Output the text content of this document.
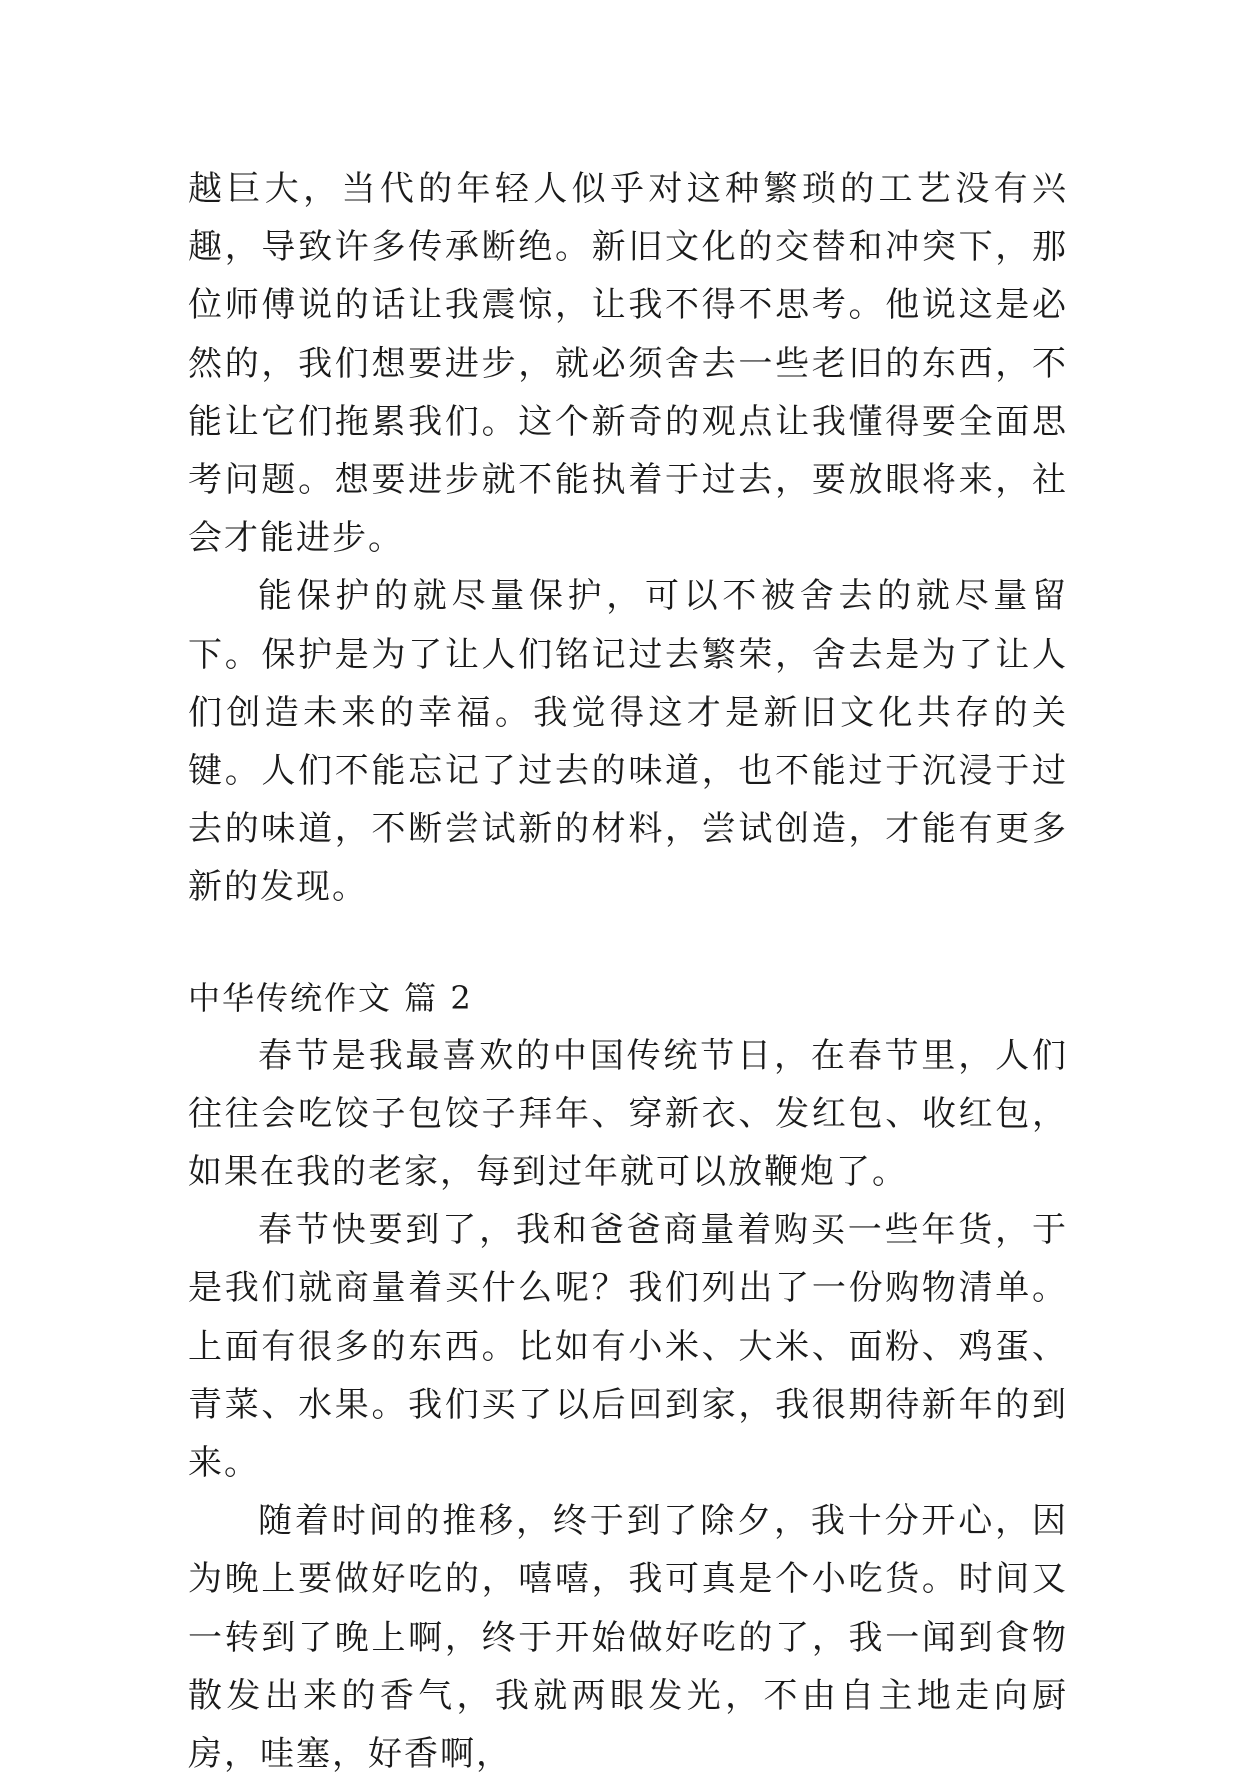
越巨大，当代的年轻人似乎对这种繁琐的工艺没有兴趣，导致许多传承断绝。新旧文化的交替和冲突下，那位师傅说的话让我震惊，让我不得不思考。他说这是必然的，我们想要进步，就必须舍去一些老旧的东西，不能让它们拖累我们。这个新奇的观点让我懂得要全面思考问题。想要进步就不能执着于过去，要放眼将来，社会才能进步。

能保护的就尽量保护，可以不被舍去的就尽量留下。保护是为了让人们铭记过去繁荣，舍去是为了让人们创造未来的幸福。我觉得这才是新旧文化共存的关键。人们不能忘记了过去的味道，也不能过于沉浸于过去的味道，不断尝试新的材料，尝试创造，才能有更多新的发现。

中华传统作文 篇 2

春节是我最喜欢的中国传统节日，在春节里，人们往往会吃饺子包饺子拜年、穿新衣、发红包、收红包，如果在我的老家，每到过年就可以放鞭炮了。

春节快要到了，我和爸爸商量着购买一些年货，于是我们就商量着买什么呢？我们列出了一份购物清单。上面有很多的东西。比如有小米、大米、面粉、鸡蛋、青菜、水果。我们买了以后回到家，我很期待新年的到来。

随着时间的推移，终于到了除夕，我十分开心，因为晚上要做好吃的，嘻嘻，我可真是个小吃货。时间又一转到了晚上啊，终于开始做好吃的了，我一闻到食物散发出来的香气，我就两眼发光，不由自主地走向厨房，哇塞，好香啊，
